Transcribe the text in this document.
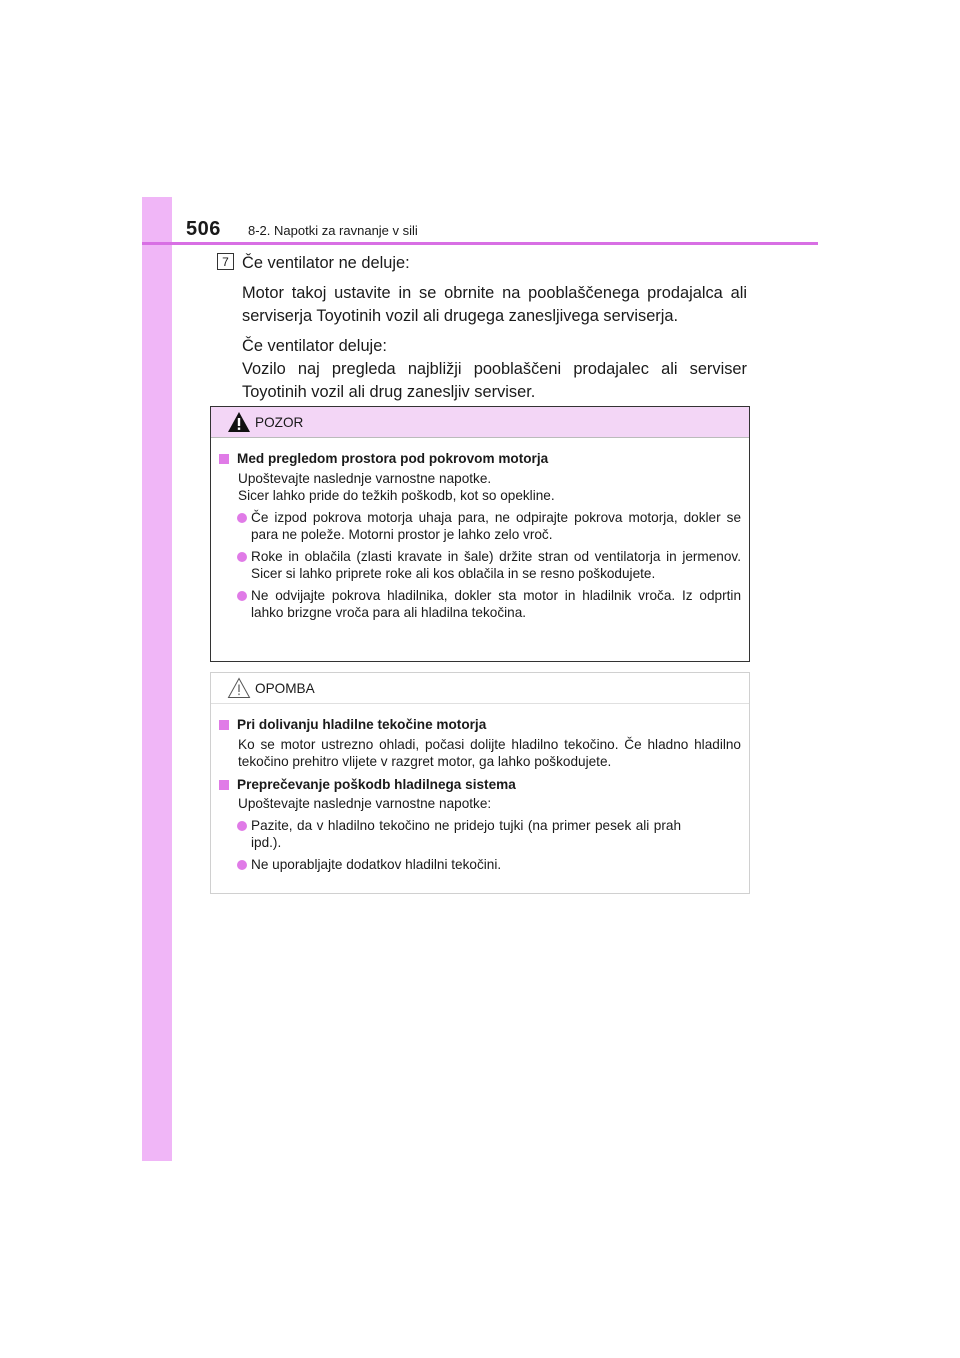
506 8-2. Napotki za ravnanje v sili
7 Če ventilator ne deluje:

Motor takoj ustavite in se obrnite na pooblaščenega prodajalca ali serviserja Toyotinih vozil ali drugega zanesljivega serviserja.

Če ventilator deluje:

Vozilo naj pregleda najbližji pooblaščeni prodajalec ali serviser Toyotinih vozil ali drug zanesljiv serviser.

POZOR

Med pregledom prostora pod pokrovom motorja

Upoštevajte naslednje varnostne napotke.
Sicer lahko pride do težkih poškodb, kot so opekline.

Če izpod pokrova motorja uhaja para, ne odpirajte pokrova motorja, dokler se para ne poleže. Motorni prostor je lahko zelo vroč.
Roke in oblačila (zlasti kravate in šale) držite stran od ventilatorja in jermenov. Sicer si lahko priprete roke ali kos oblačila in se resno poškodujete.
Ne odvijajte pokrova hladilnika, dokler sta motor in hladilnik vroča. Iz odprtin lahko brizgne vroča para ali hladilna tekočina.
OPOMBA

Pri dolivanju hladilne tekočine motorja

Ko se motor ustrezno ohladi, počasi dolijte hladilno tekočino. Če hladno hladilno tekočino prehitro vlijete v razgret motor, ga lahko poškodujete.

Preprečevanje poškodb hladilnega sistema

Upoštevajte naslednje varnostne napotke:

Pazite, da v hladilno tekočino ne pridejo tujki (na primer pesek ali prah ipd.).
Ne uporabljajte dodatkov hladilni tekočini.
